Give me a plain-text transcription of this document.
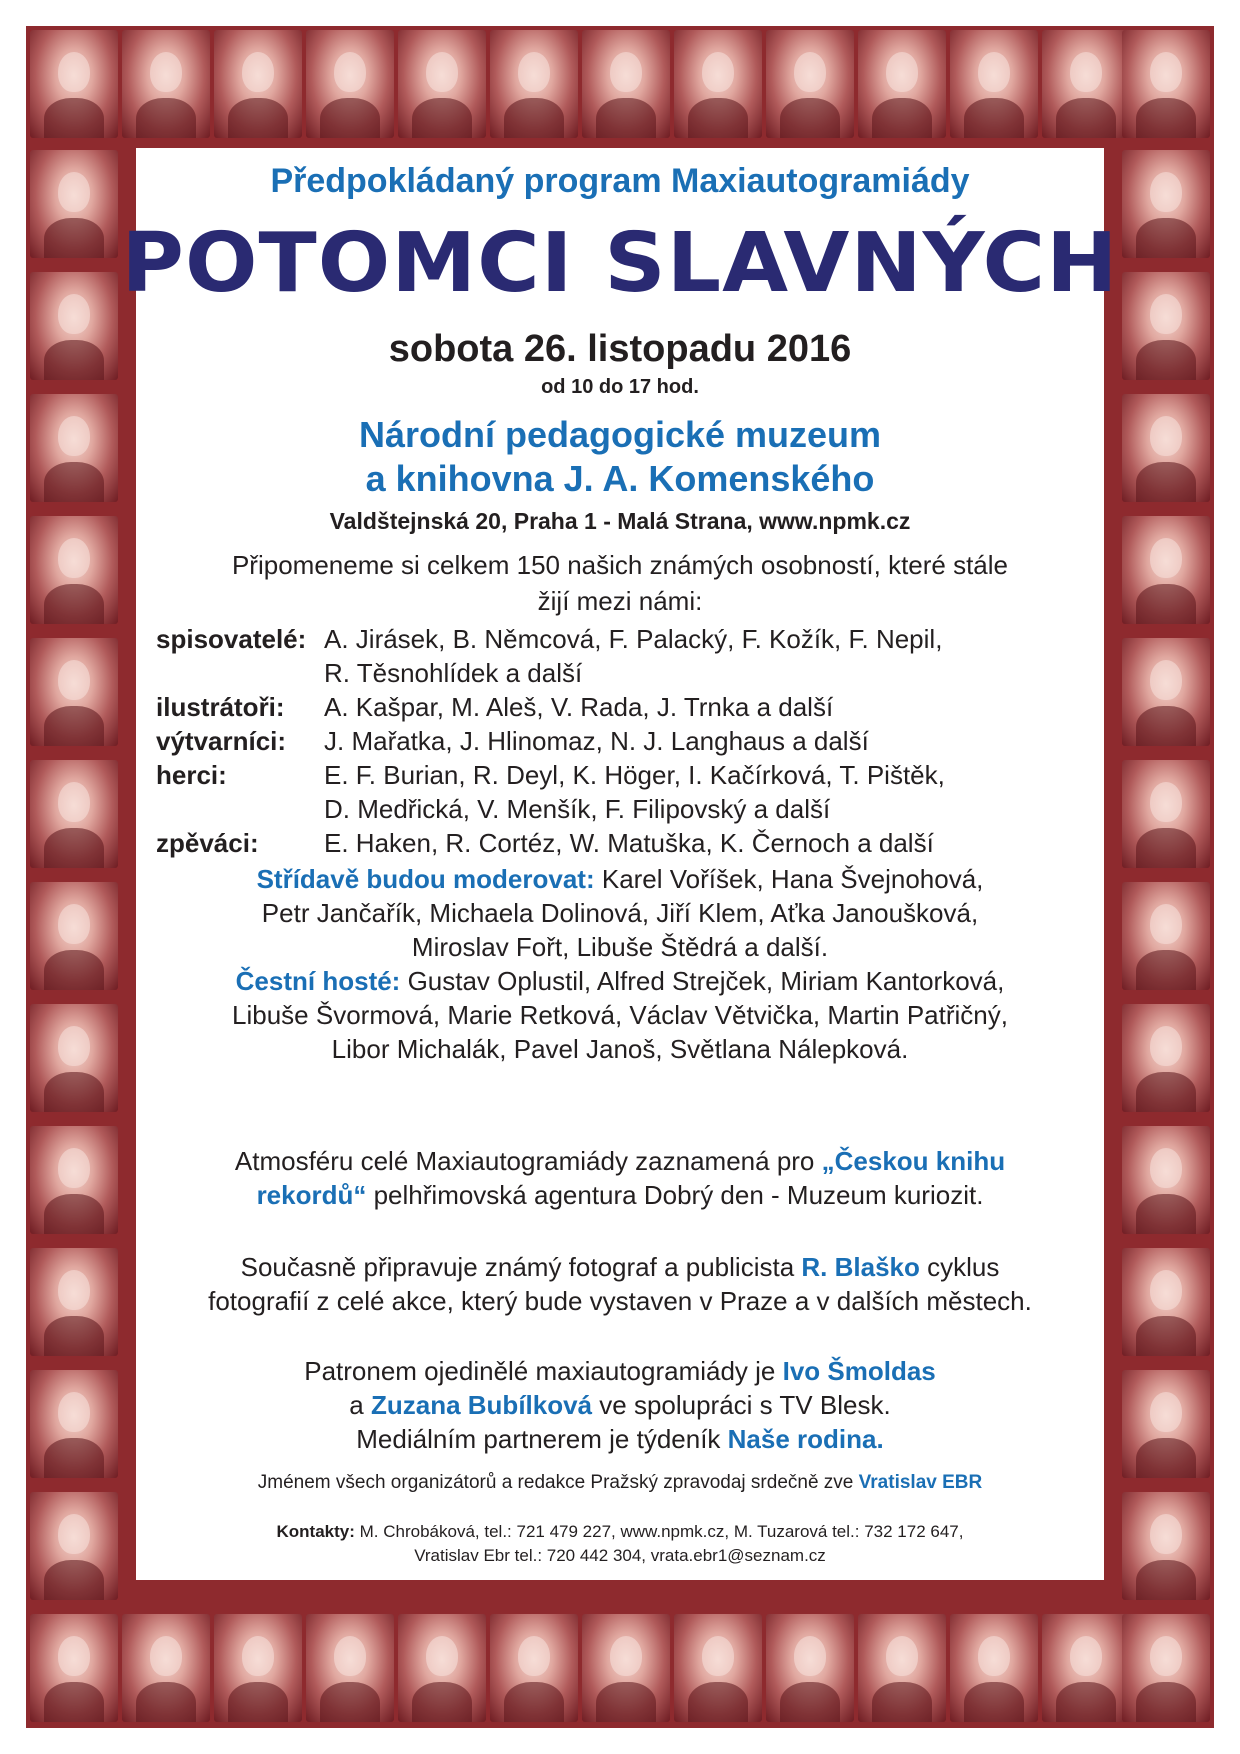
Předpokládaný program Maxiautogramiády
POTOMCI SLAVNÝCH
sobota 26. listopadu 2016
od 10 do 17 hod.
Národní pedagogické muzeum
a knihovna J. A. Komenského
Valdštejnská 20, Praha 1 - Malá Strana, www.npmk.cz
Připomeneme si celkem 150 našich známých osobností, které stále
žijí mezi námi:
spisovatelé: A. Jirásek, B. Němcová, F. Palacký, F. Kožík, F. Nepil,
R. Těsnohlídek a další
ilustrátoři:	A. Kašpar, M. Aleš, V. Rada, J. Trnka a další
výtvarníci:	J. Mařatka, J. Hlinomaz, N. J. Langhaus a další
herci:	E. F. Burian, R. Deyl, K. Höger, I. Kačírková, T. Pištěk,
D. Medřická, V. Menšík, F. Filipovský a další
zpěváci:	E. Haken, R. Cortéz, W. Matuška, K. Černoch a další
Střídavě budou moderovat: Karel Voříšek, Hana Švejnohová,
Petr Jančařík, Michaela Dolinová, Jiří Klem, Aťka Janoušková,
Miroslav Fořt, Libuše Štědrá a další.
Čestní hosté: Gustav Oplustil, Alfred Strejček, Miriam Kantorková,
Libuše Švormová, Marie Retková, Václav Větvička, Martin Patřičný,
Libor Michalák, Pavel Janoš, Světlana Nálepková.
Atmosféru celé Maxiautogramiády zaznamená pro „Českou knihu
rekordů“ pelhřimovská agentura Dobrý den - Muzeum kuriozit.
Současně připravuje známý fotograf a publicista R. Blaško cyklus
fotografií z celé akce, který bude vystaven v Praze a v dalších městech.
Patronem ojedinělé maxiautogramiády je Ivo Šmoldas
a Zuzana Bubílková ve spolupráci s TV Blesk.
Mediálním partnerem je týdeník Naše rodina.
Jménem všech organizátorů a redakce Pražský zpravodaj srdečně zve Vratislav EBR
Kontakty: M. Chrobáková, tel.: 721 479 227, www.npmk.cz, M. Tuzarová tel.: 732 172 647,
Vratislav Ebr tel.: 720 442 304, vrata.ebr1@seznam.cz
